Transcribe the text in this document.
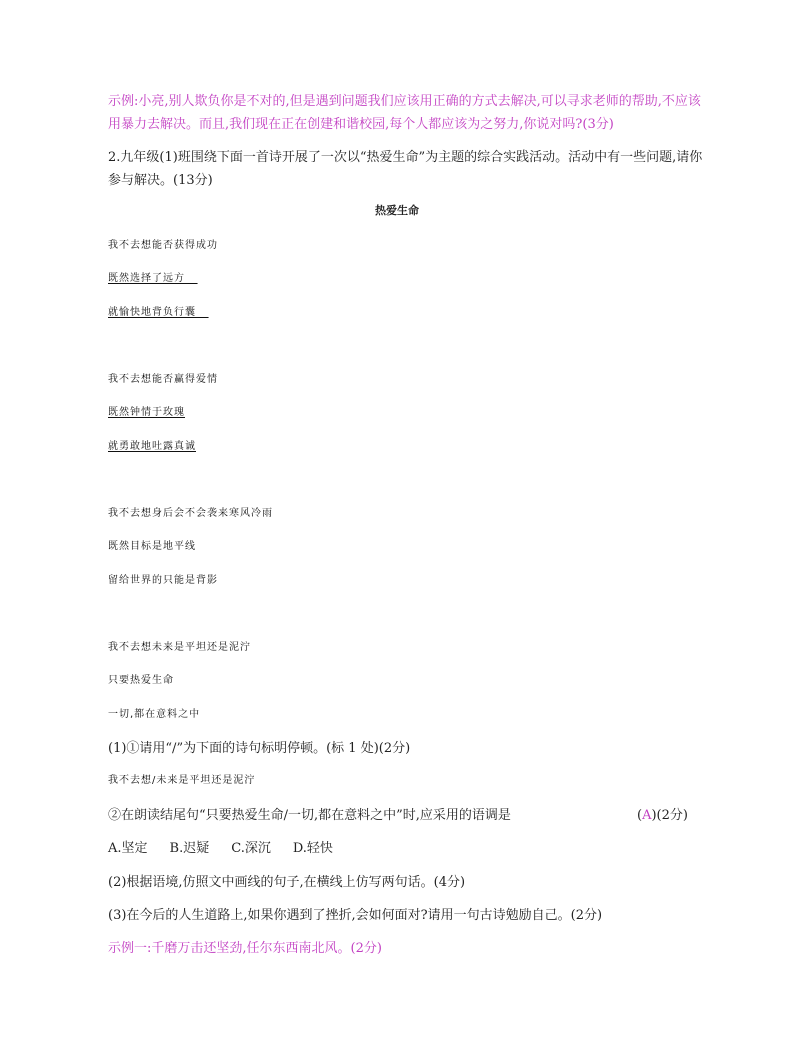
示例:小亮,别人欺负你是不对的,但是遇到问题我们应该用正确的方式去解决,可以寻求老师的帮助,不应该
用暴力去解决。而且,我们现在正在创建和谐校园,每个人都应该为之努力,你说对吗?(3分)
2.九年级(1)班围绕下面一首诗开展了一次以“热爱生命”为主题的综合实践活动。活动中有一些问题,请你
参与解决。(13分)
热爱生命
我不去想能否获得成功
既然选择了远方
就愉快地背负行囊
我不去想能否赢得爱情
既然钟情于玫瑰
就勇敢地吐露真诚
我不去想身后会不会袭来寒风冷雨
既然目标是地平线
留给世界的只能是背影
我不去想未来是平坦还是泥泞
只要热爱生命
一切,都在意料之中
(1)①请用“/”为下面的诗句标明停顿。(标 1 处)(2分)
我不去想/未来是平坦还是泥泞
②在朗读结尾句“只要热爱生命/一切,都在意料之中”时,应采用的语调是	(A)(2分)
A.坚定 B.迟疑 C.深沉 D.轻快
(2)根据语境,仿照文中画线的句子,在横线上仿写两句话。(4分)
(3)在今后的人生道路上,如果你遇到了挫折,会如何面对?请用一句古诗勉励自己。(2分)
示例一:千磨万击还坚劲,任尔东西南北风。(2分)
